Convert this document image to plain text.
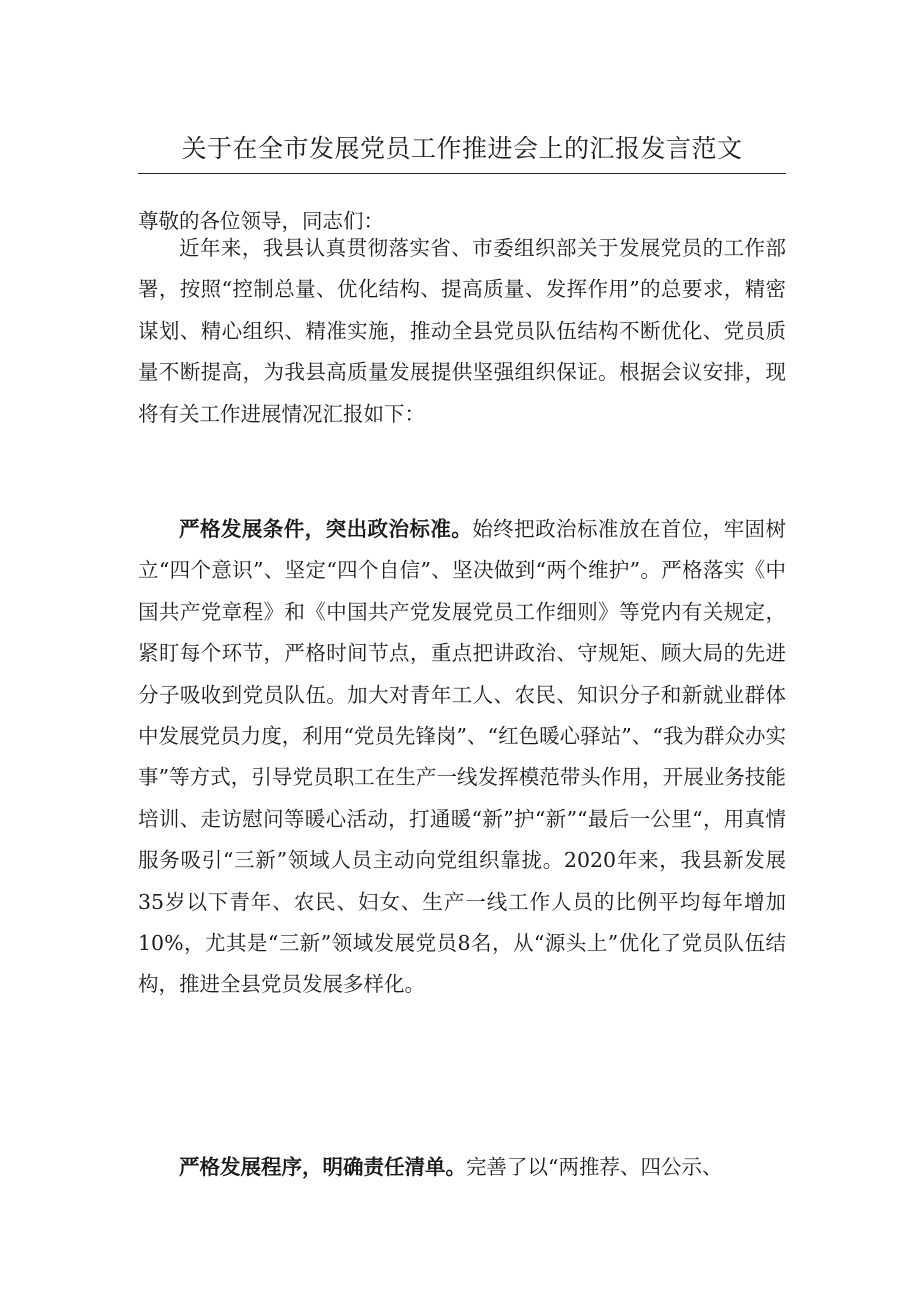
关于在全市发展党员工作推进会上的汇报发言范文

尊敬的各位领导，同志们：

近年来，我县认真贯彻落实省、市委组织部关于发展党员的工作部署，按照“控制总量、优化结构、提高质量、发挥作用”的总要求，精密谋划、精心组织、精准实施，推动全县党员队伍结构不断优化、党员质量不断提高，为我县高质量发展提供坚强组织保证。根据会议安排，现将有关工作进展情况汇报如下：

严格发展条件，突出政治标准。始终把政治标准放在首位，牢固树立“四个意识”、坚定“四个自信”、坚决做到“两个维护”。严格落实《中国共产党章程》和《中国共产党发展党员工作细则》等党内有关规定，紧盯每个环节，严格时间节点，重点把讲政治、守规矩、顾大局的先进分子吸收到党员队伍。加大对青年工人、农民、知识分子和新就业群体中发展党员力度，利用“党员先锋岗”、“红色暖心驿站”、“我为群众办实事”等方式，引导党员职工在生产一线发挥模范带头作用，开展业务技能培训、走访慰问等暖心活动，打通暖“新”护“新”“最后一公里“，用真情服务吸引“三新”领域人员主动向党组织靠拢。2020年来，我县新发展35岁以下青年、农民、妇女、生产一线工作人员的比例平均每年增加10%，尤其是“三新”领域发展党员8名，从“源头上”优化了党员队伍结构，推进全县党员发展多样化。

严格发展程序，明确责任清单。完善了以“两推荐、四公示、
